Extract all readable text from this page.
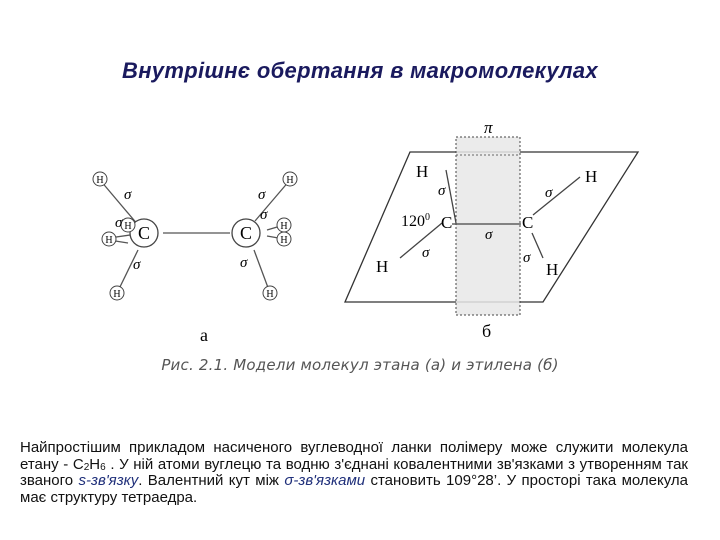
Внутрішнє обертання в макромолекулах
C	C
H
H
H
H
H
H
H
H
σ
σ
σ
σ
σ
σ
а
π
H	H
H	H
C	C
$120^0$
σ	σ
σ
σ	σ
б
Рис. 2.1. Модели молекул этана (а) и этилена (б)
Найпростішим прикладом насиченого вуглеводної ланки полімеру може служити молекула етану - $С_2Н_6$ . У ній атоми вуглецю та водню з'єднані ковалентними зв'язками з утворенням так званого s-зв'язку. Валентний кут між σ-зв'язками становить 109°28’. У просторі така молекула має структуру тетраедра.
